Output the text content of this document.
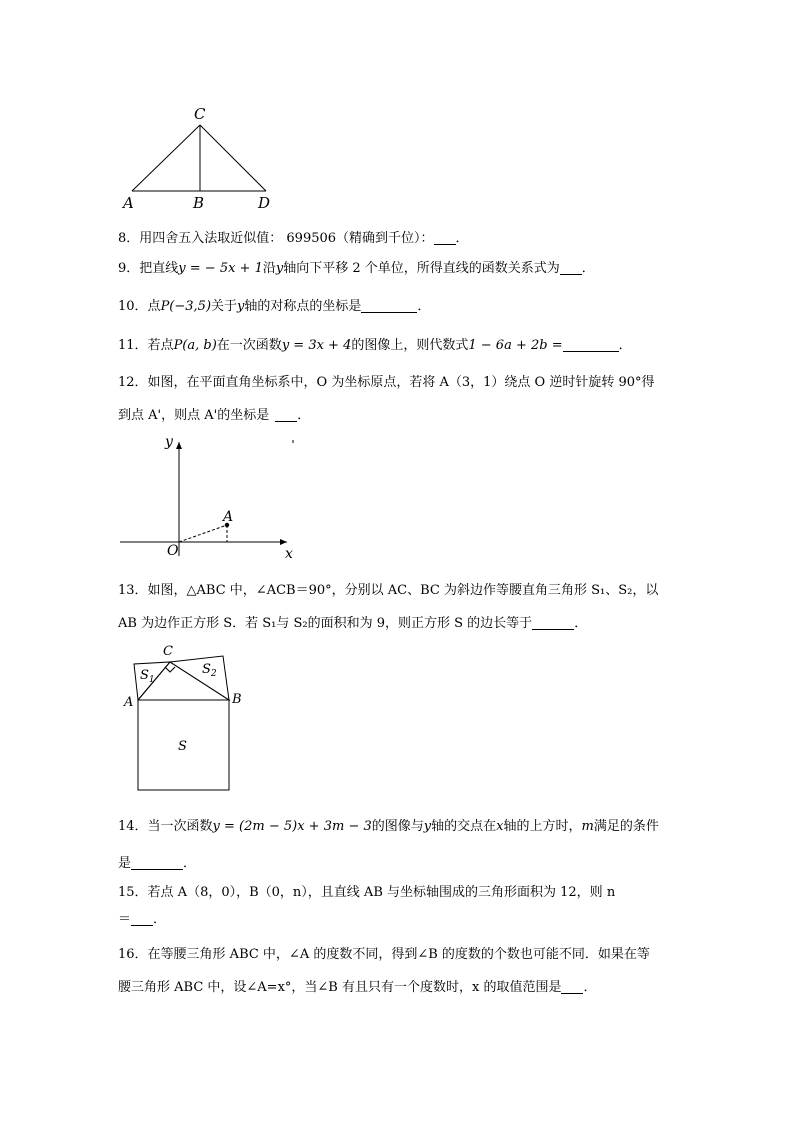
C
A	B	D
8．用四舍五入法取近似值： 699506（精确到千位）： ．
9．把直线y = − 5x + 1沿y轴向下平移 2 个单位，所得直线的函数关系式为 ．
10．点P(−3,5)关于y轴的对称点的坐标是	．
11．若点P(a, b)在一次函数y = 3x + 4的图像上，则代数式1 − 6a + 2b =	．
12．如图，在平面直角坐标系中，O 为坐标原点，若将 A（3，1）绕点 O 逆时针旋转 90°得
到点 A'，则点 A'的坐标是 ．
y
x
O
A
13．如图，△ABC 中，∠ACB＝90°，分别以 AC、BC 为斜边作等腰直角三角形 S₁、S₂，以
AB 为边作正方形 S．若 S₁与 S₂的面积和为 9，则正方形 S 的边长等于	．
C
$S_1$
$S_2$
A	B
S
14．当一次函数y = (2m − 5)x + 3m − 3的图像与y轴的交点在x轴的上方时，m满足的条件
是	．
15．若点 A（8，0），B（0，n），且直线 AB 与坐标轴围成的三角形面积为 12，则 n
＝ ．
16．在等腰三角形 ABC 中，∠A 的度数不同，得到∠B 的度数的个数也可能不同．如果在等
腰三角形 ABC 中，设∠A=x°，当∠B 有且只有一个度数时，x 的取值范围是 ．
